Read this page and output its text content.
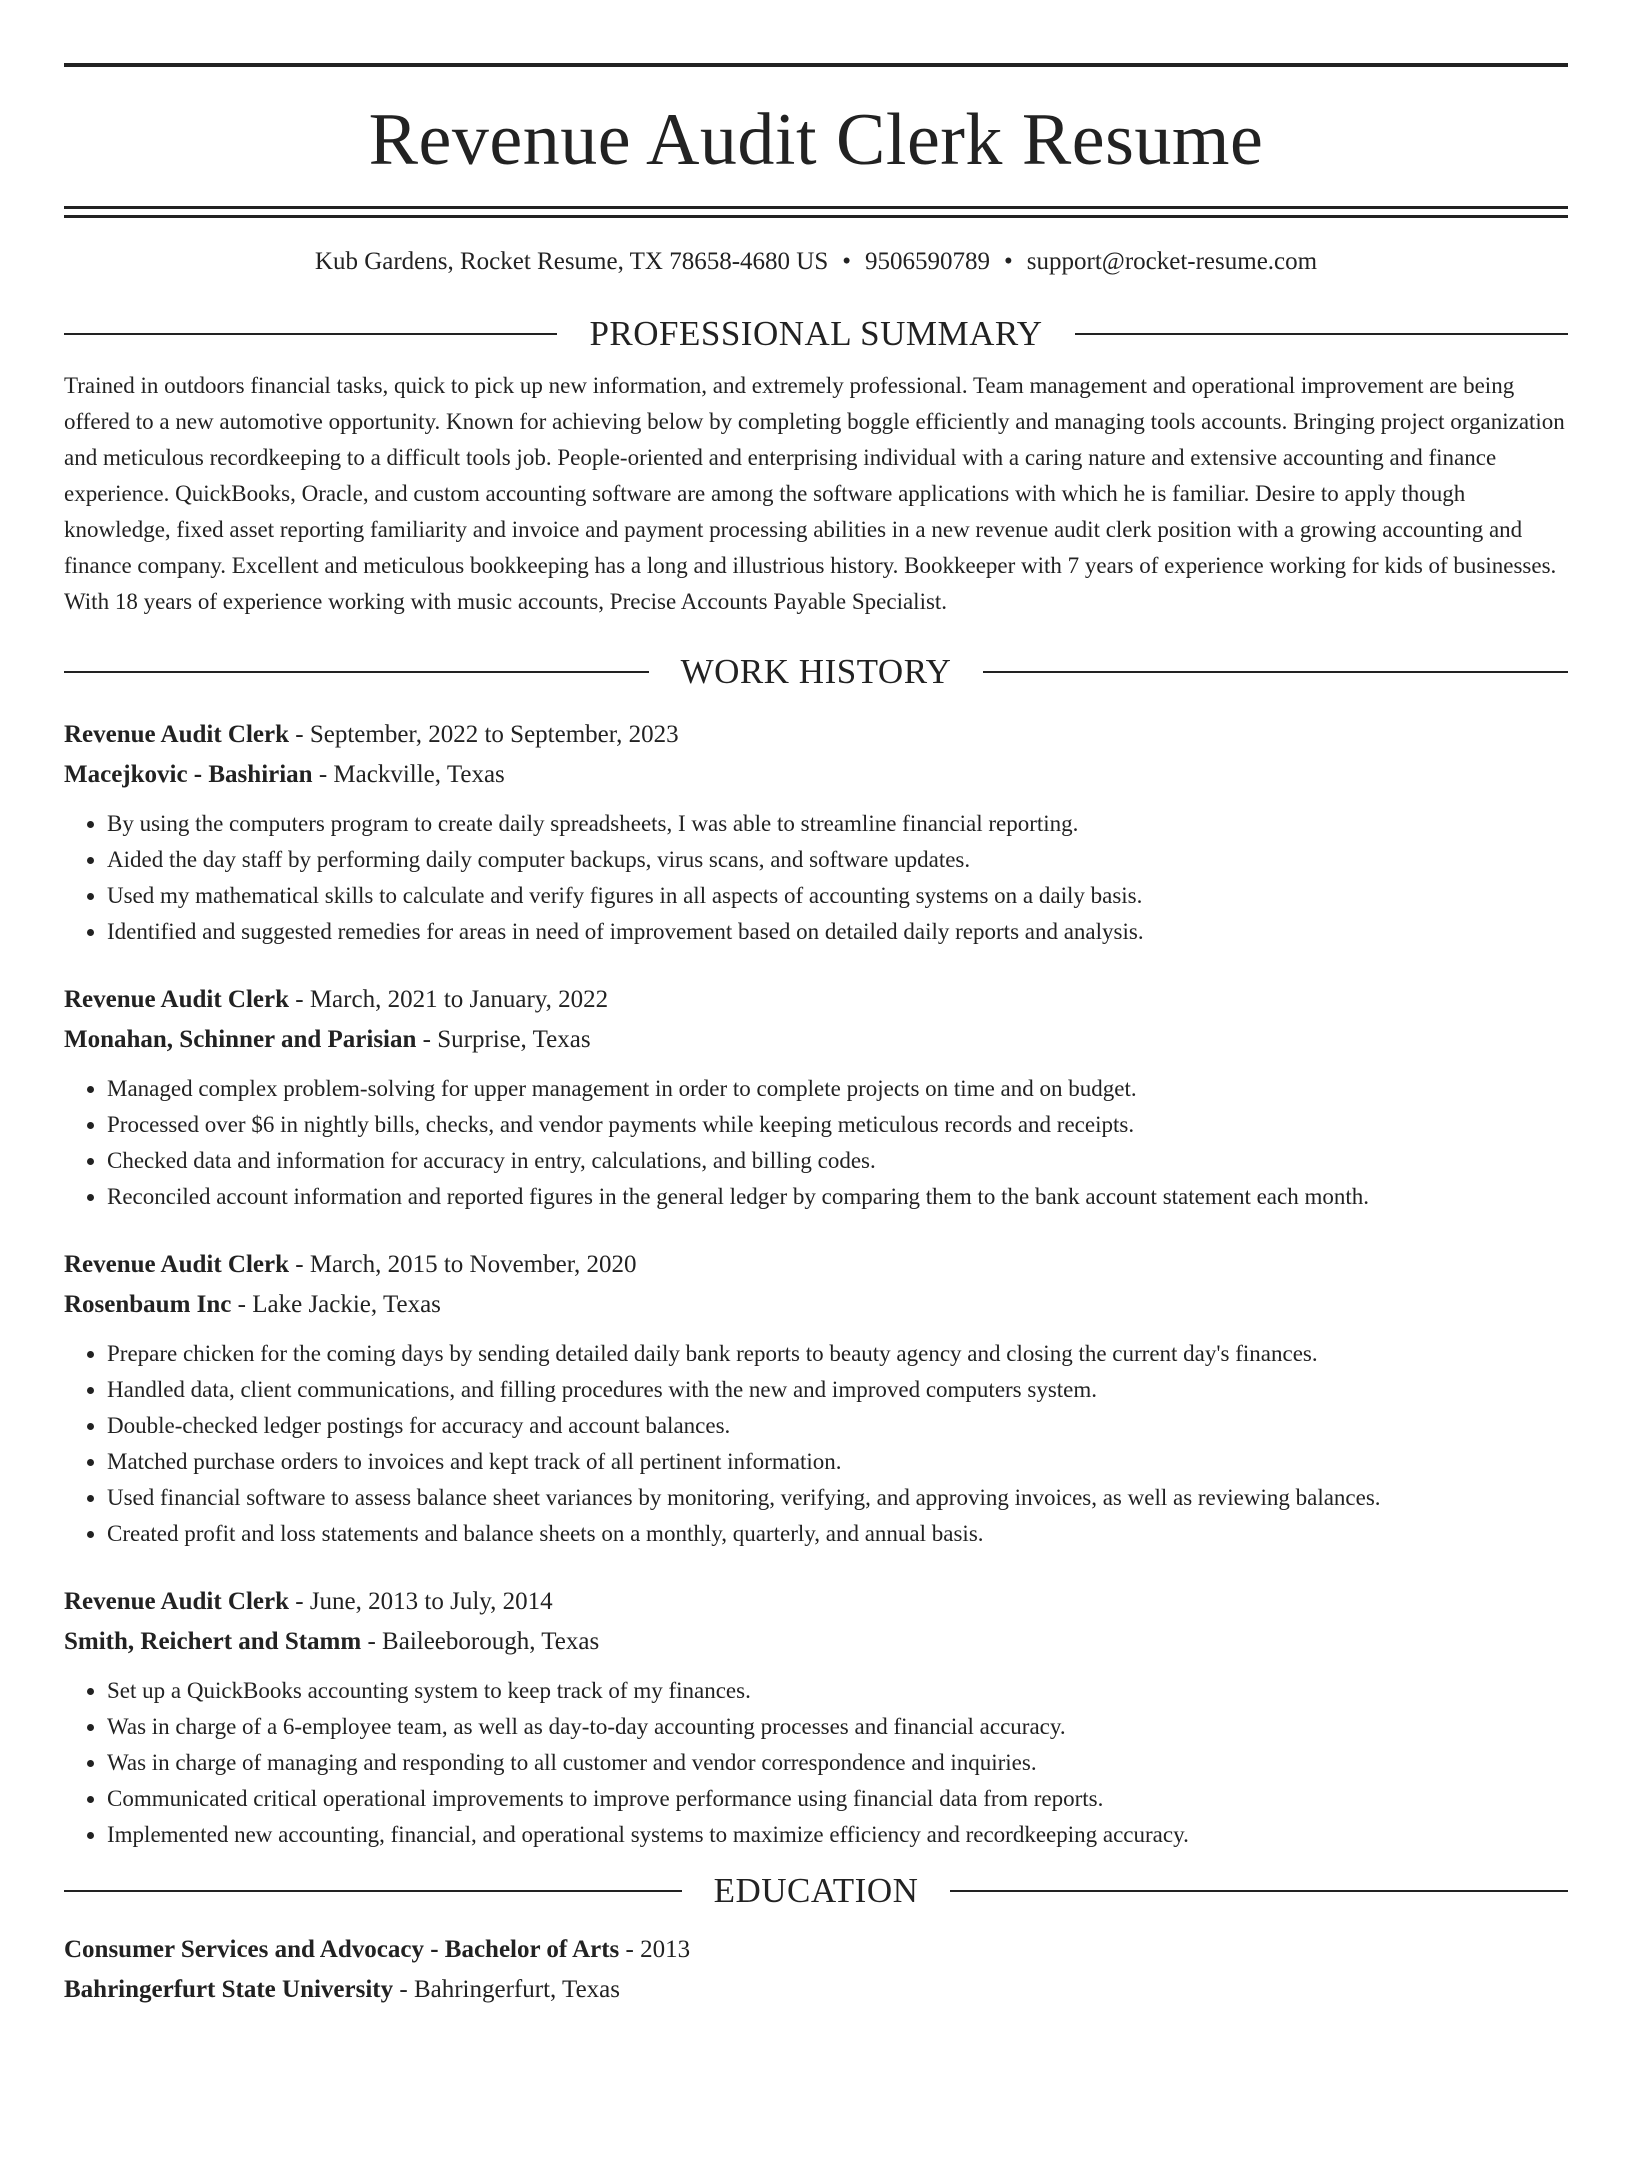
Revenue Audit Clerk Resume
Kub Gardens, Rocket Resume, TX 78658-4680 US • 9506590789 • support@rocket-resume.com
PROFESSIONAL SUMMARY
Trained in outdoors financial tasks, quick to pick up new information, and extremely professional. Team management and operational improvement are being offered to a new automotive opportunity. Known for achieving below by completing boggle efficiently and managing tools accounts. Bringing project organization and meticulous recordkeeping to a difficult tools job. People-oriented and enterprising individual with a caring nature and extensive accounting and finance experience. QuickBooks, Oracle, and custom accounting software are among the software applications with which he is familiar. Desire to apply though knowledge, fixed asset reporting familiarity and invoice and payment processing abilities in a new revenue audit clerk position with a growing accounting and finance company. Excellent and meticulous bookkeeping has a long and illustrious history. Bookkeeper with 7 years of experience working for kids of businesses. With 18 years of experience working with music accounts, Precise Accounts Payable Specialist.
WORK HISTORY
Revenue Audit Clerk - September, 2022 to September, 2023
Macejkovic - Bashirian - Mackville, Texas
• By using the computers program to create daily spreadsheets, I was able to streamline financial reporting.
• Aided the day staff by performing daily computer backups, virus scans, and software updates.
• Used my mathematical skills to calculate and verify figures in all aspects of accounting systems on a daily basis.
• Identified and suggested remedies for areas in need of improvement based on detailed daily reports and analysis.
Revenue Audit Clerk - March, 2021 to January, 2022
Monahan, Schinner and Parisian - Surprise, Texas
• Managed complex problem-solving for upper management in order to complete projects on time and on budget.
• Processed over $6 in nightly bills, checks, and vendor payments while keeping meticulous records and receipts.
• Checked data and information for accuracy in entry, calculations, and billing codes.
• Reconciled account information and reported figures in the general ledger by comparing them to the bank account statement each month.
Revenue Audit Clerk - March, 2015 to November, 2020
Rosenbaum Inc - Lake Jackie, Texas
• Prepare chicken for the coming days by sending detailed daily bank reports to beauty agency and closing the current day's finances.
• Handled data, client communications, and filling procedures with the new and improved computers system.
• Double-checked ledger postings for accuracy and account balances.
• Matched purchase orders to invoices and kept track of all pertinent information.
• Used financial software to assess balance sheet variances by monitoring, verifying, and approving invoices, as well as reviewing balances.
• Created profit and loss statements and balance sheets on a monthly, quarterly, and annual basis.
Revenue Audit Clerk - June, 2013 to July, 2014
Smith, Reichert and Stamm - Baileeborough, Texas
• Set up a QuickBooks accounting system to keep track of my finances.
• Was in charge of a 6-employee team, as well as day-to-day accounting processes and financial accuracy.
• Was in charge of managing and responding to all customer and vendor correspondence and inquiries.
• Communicated critical operational improvements to improve performance using financial data from reports.
• Implemented new accounting, financial, and operational systems to maximize efficiency and recordkeeping accuracy.
EDUCATION
Consumer Services and Advocacy - Bachelor of Arts - 2013
Bahringerfurt State University - Bahringerfurt, Texas
